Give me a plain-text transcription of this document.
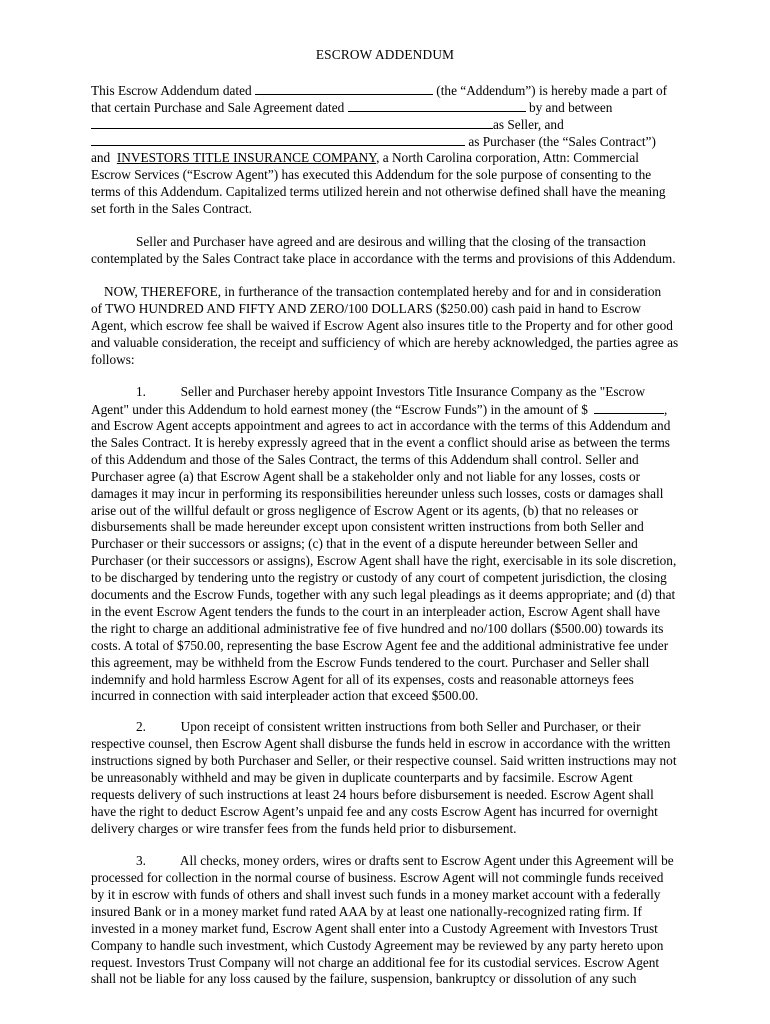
ESCROW ADDENDUM
This Escrow Addendum dated	(the “Addendum”) is hereby made a part of
that certain Purchase and Sale Agreement dated	by and between
as Seller, and
as Purchaser (the “Sales Contract”)
and INVESTORS TITLE INSURANCE COMPANY, a North Carolina corporation, Attn: Commercial
Escrow Services (“Escrow Agent”) has executed this Addendum for the sole purpose of consenting to the
terms of this Addendum. Capitalized terms utilized herein and not otherwise defined shall have the meaning
set forth in the Sales Contract.
Seller and Purchaser have agreed and are desirous and willing that the closing of the transaction
contemplated by the Sales Contract take place in accordance with the terms and provisions of this Addendum.
NOW, THEREFORE, in furtherance of the transaction contemplated hereby and for and in consideration
of TWO HUNDRED AND FIFTY AND ZERO/100 DOLLARS ($250.00) cash paid in hand to Escrow
Agent, which escrow fee shall be waived if Escrow Agent also insures title to the Property and for other good
and valuable consideration, the receipt and sufficiency of which are hereby acknowledged, the parties agree as
follows:
1.	Seller and Purchaser hereby appoint Investors Title Insurance Company as the "Escrow
Agent" under this Addendum to hold earnest money (the “Escrow Funds”) in the amount of $	,
and Escrow Agent accepts appointment and agrees to act in accordance with the terms of this Addendum and
the Sales Contract. It is hereby expressly agreed that in the event a conflict should arise as between the terms
of this Addendum and those of the Sales Contract, the terms of this Addendum shall control. Seller and
Purchaser agree (a) that Escrow Agent shall be a stakeholder only and not liable for any losses, costs or
damages it may incur in performing its responsibilities hereunder unless such losses, costs or damages shall
arise out of the willful default or gross negligence of Escrow Agent or its agents, (b) that no releases or
disbursements shall be made hereunder except upon consistent written instructions from both Seller and
Purchaser or their successors or assigns; (c) that in the event of a dispute hereunder between Seller and
Purchaser (or their successors or assigns), Escrow Agent shall have the right, exercisable in its sole discretion,
to be discharged by tendering unto the registry or custody of any court of competent jurisdiction, the closing
documents and the Escrow Funds, together with any such legal pleadings as it deems appropriate; and (d) that
in the event Escrow Agent tenders the funds to the court in an interpleader action, Escrow Agent shall have
the right to charge an additional administrative fee of five hundred and no/100 dollars ($500.00) towards its
costs. A total of $750.00, representing the base Escrow Agent fee and the additional administrative fee under
this agreement, may be withheld from the Escrow Funds tendered to the court. Purchaser and Seller shall
indemnify and hold harmless Escrow Agent for all of its expenses, costs and reasonable attorneys fees
incurred in connection with said interpleader action that exceed $500.00.
2.	Upon receipt of consistent written instructions from both Seller and Purchaser, or their
respective counsel, then Escrow Agent shall disburse the funds held in escrow in accordance with the written
instructions signed by both Purchaser and Seller, or their respective counsel. Said written instructions may not
be unreasonably withheld and may be given in duplicate counterparts and by facsimile. Escrow Agent
requests delivery of such instructions at least 24 hours before disbursement is needed. Escrow Agent shall
have the right to deduct Escrow Agent’s unpaid fee and any costs Escrow Agent has incurred for overnight
delivery charges or wire transfer fees from the funds held prior to disbursement.
3.	All checks, money orders, wires or drafts sent to Escrow Agent under this Agreement will be
processed for collection in the normal course of business. Escrow Agent will not commingle funds received
by it in escrow with funds of others and shall invest such funds in a money market account with a federally
insured Bank or in a money market fund rated AAA by at least one nationally-recognized rating firm. If
invested in a money market fund, Escrow Agent shall enter into a Custody Agreement with Investors Trust
Company to handle such investment, which Custody Agreement may be reviewed by any party hereto upon
request. Investors Trust Company will not charge an additional fee for its custodial services. Escrow Agent
shall not be liable for any loss caused by the failure, suspension, bankruptcy or dissolution of any such
